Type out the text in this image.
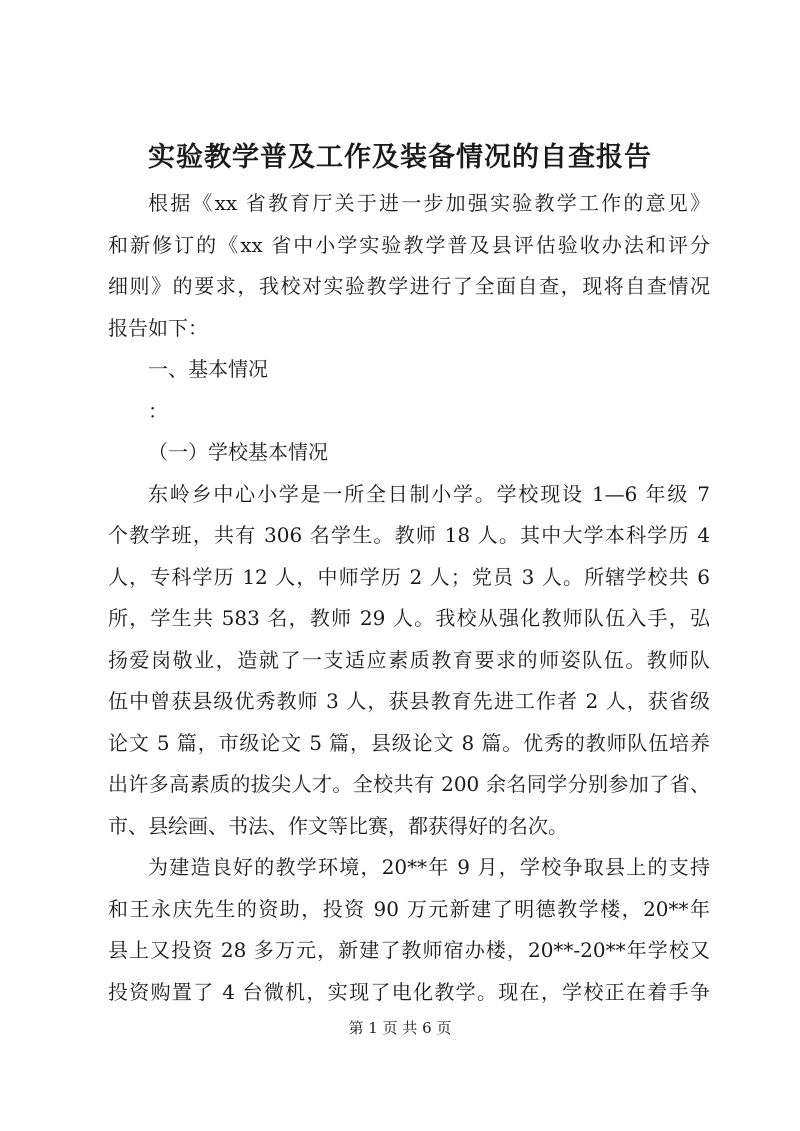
实验教学普及工作及装备情况的自查报告
根据《xx 省教育厅关于进一步加强实验教学工作的意见》
和新修订的《xx 省中小学实验教学普及县评估验收办法和评分
细则》的要求，我校对实验教学进行了全面自查，现将自查情况
报告如下：
一、基本情况
：
（一）学校基本情况
东岭乡中心小学是一所全日制小学。学校现设 1—6 年级 7
个教学班，共有 306 名学生。教师 18 人。其中大学本科学历 4
人，专科学历 12 人，中师学历 2 人；党员 3 人。所辖学校共 6
所，学生共 583 名，教师 29 人。我校从强化教师队伍入手，弘
扬爱岗敬业，造就了一支适应素质教育要求的师姿队伍。教师队
伍中曾获县级优秀教师 3 人，获县教育先进工作者 2 人，获省级
论文 5 篇，市级论文 5 篇，县级论文 8 篇。优秀的教师队伍培养
出许多高素质的拔尖人才。全校共有 200 余名同学分别参加了省、
市、县绘画、书法、作文等比赛，都获得好的名次。
为建造良好的教学环境，20**年 9 月，学校争取县上的支持
和王永庆先生的资助，投资 90 万元新建了明德教学楼，20**年
县上又投资 28 多万元，新建了教师宿办楼，20**-20**年学校又
投资购置了 4 台微机，实现了电化教学。现在，学校正在着手争
第 1 页 共 6 页
